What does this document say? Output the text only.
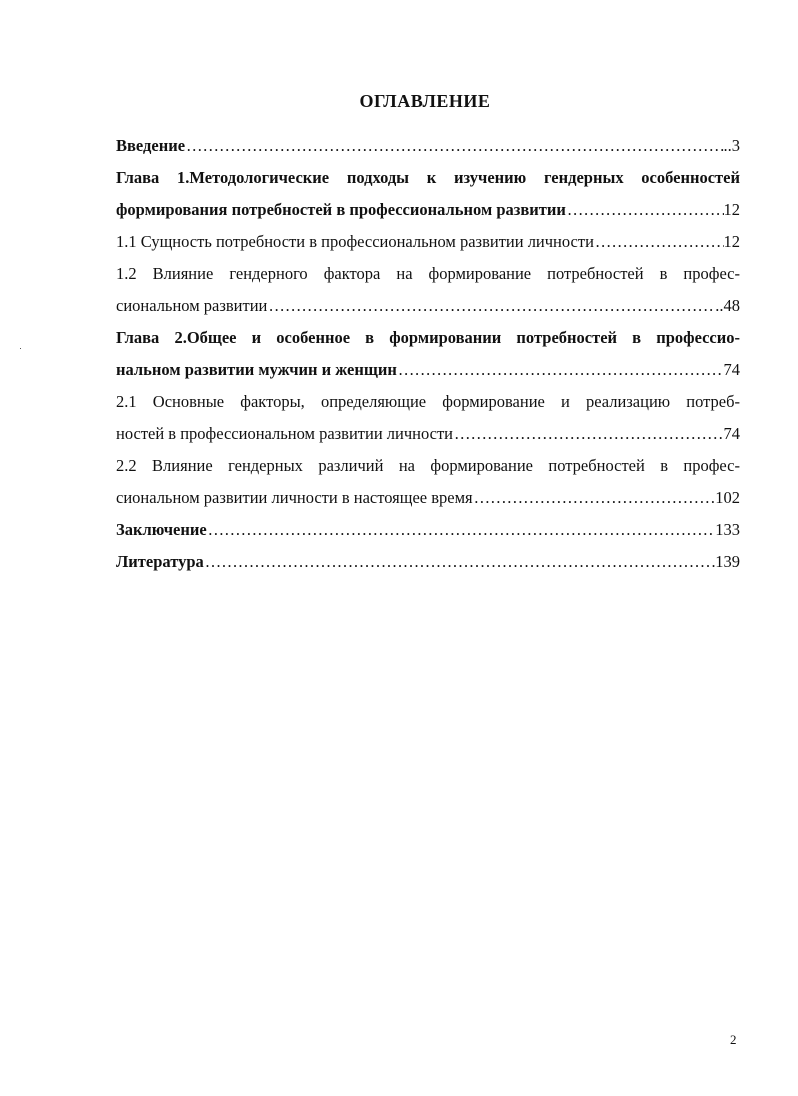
ОГЛАВЛЕНИЕ
Введение ……………………………………………………………………………………………………………………………………………………………………………	..3
Глава 1.Методологические подходы к изучению гендерных особенностей
формирования потребностей в профессиональном развитии ……………………………………………………………………………………………………………………………………………………………………………	12
1.1 Сущность потребности в профессиональном развитии личности ……………………………………………………………………………………………………………………………………………………………………………	12
1.2 Влияние гендерного фактора на формирование потребностей в профес-
сиональном развитии ……………………………………………………………………………………………………………………………………………………………………………	..48
Глава 2.Общее и особенное в формировании потребностей в профессио-
нальном развитии мужчин и женщин ……………………………………………………………………………………………………………………………………………………………………………	74
2.1 Основные факторы, определяющие формирование и реализацию потреб-
ностей в профессиональном развитии личности ……………………………………………………………………………………………………………………………………………………………………………	74
2.2 Влияние гендерных различий на формирование потребностей в профес-
сиональном развитии личности в настоящее время ……………………………………………………………………………………………………………………………………………………………………………	102
Заключение ……………………………………………………………………………………………………………………………………………………………………………	133
Литература ……………………………………………………………………………………………………………………………………………………………………………	139
2
